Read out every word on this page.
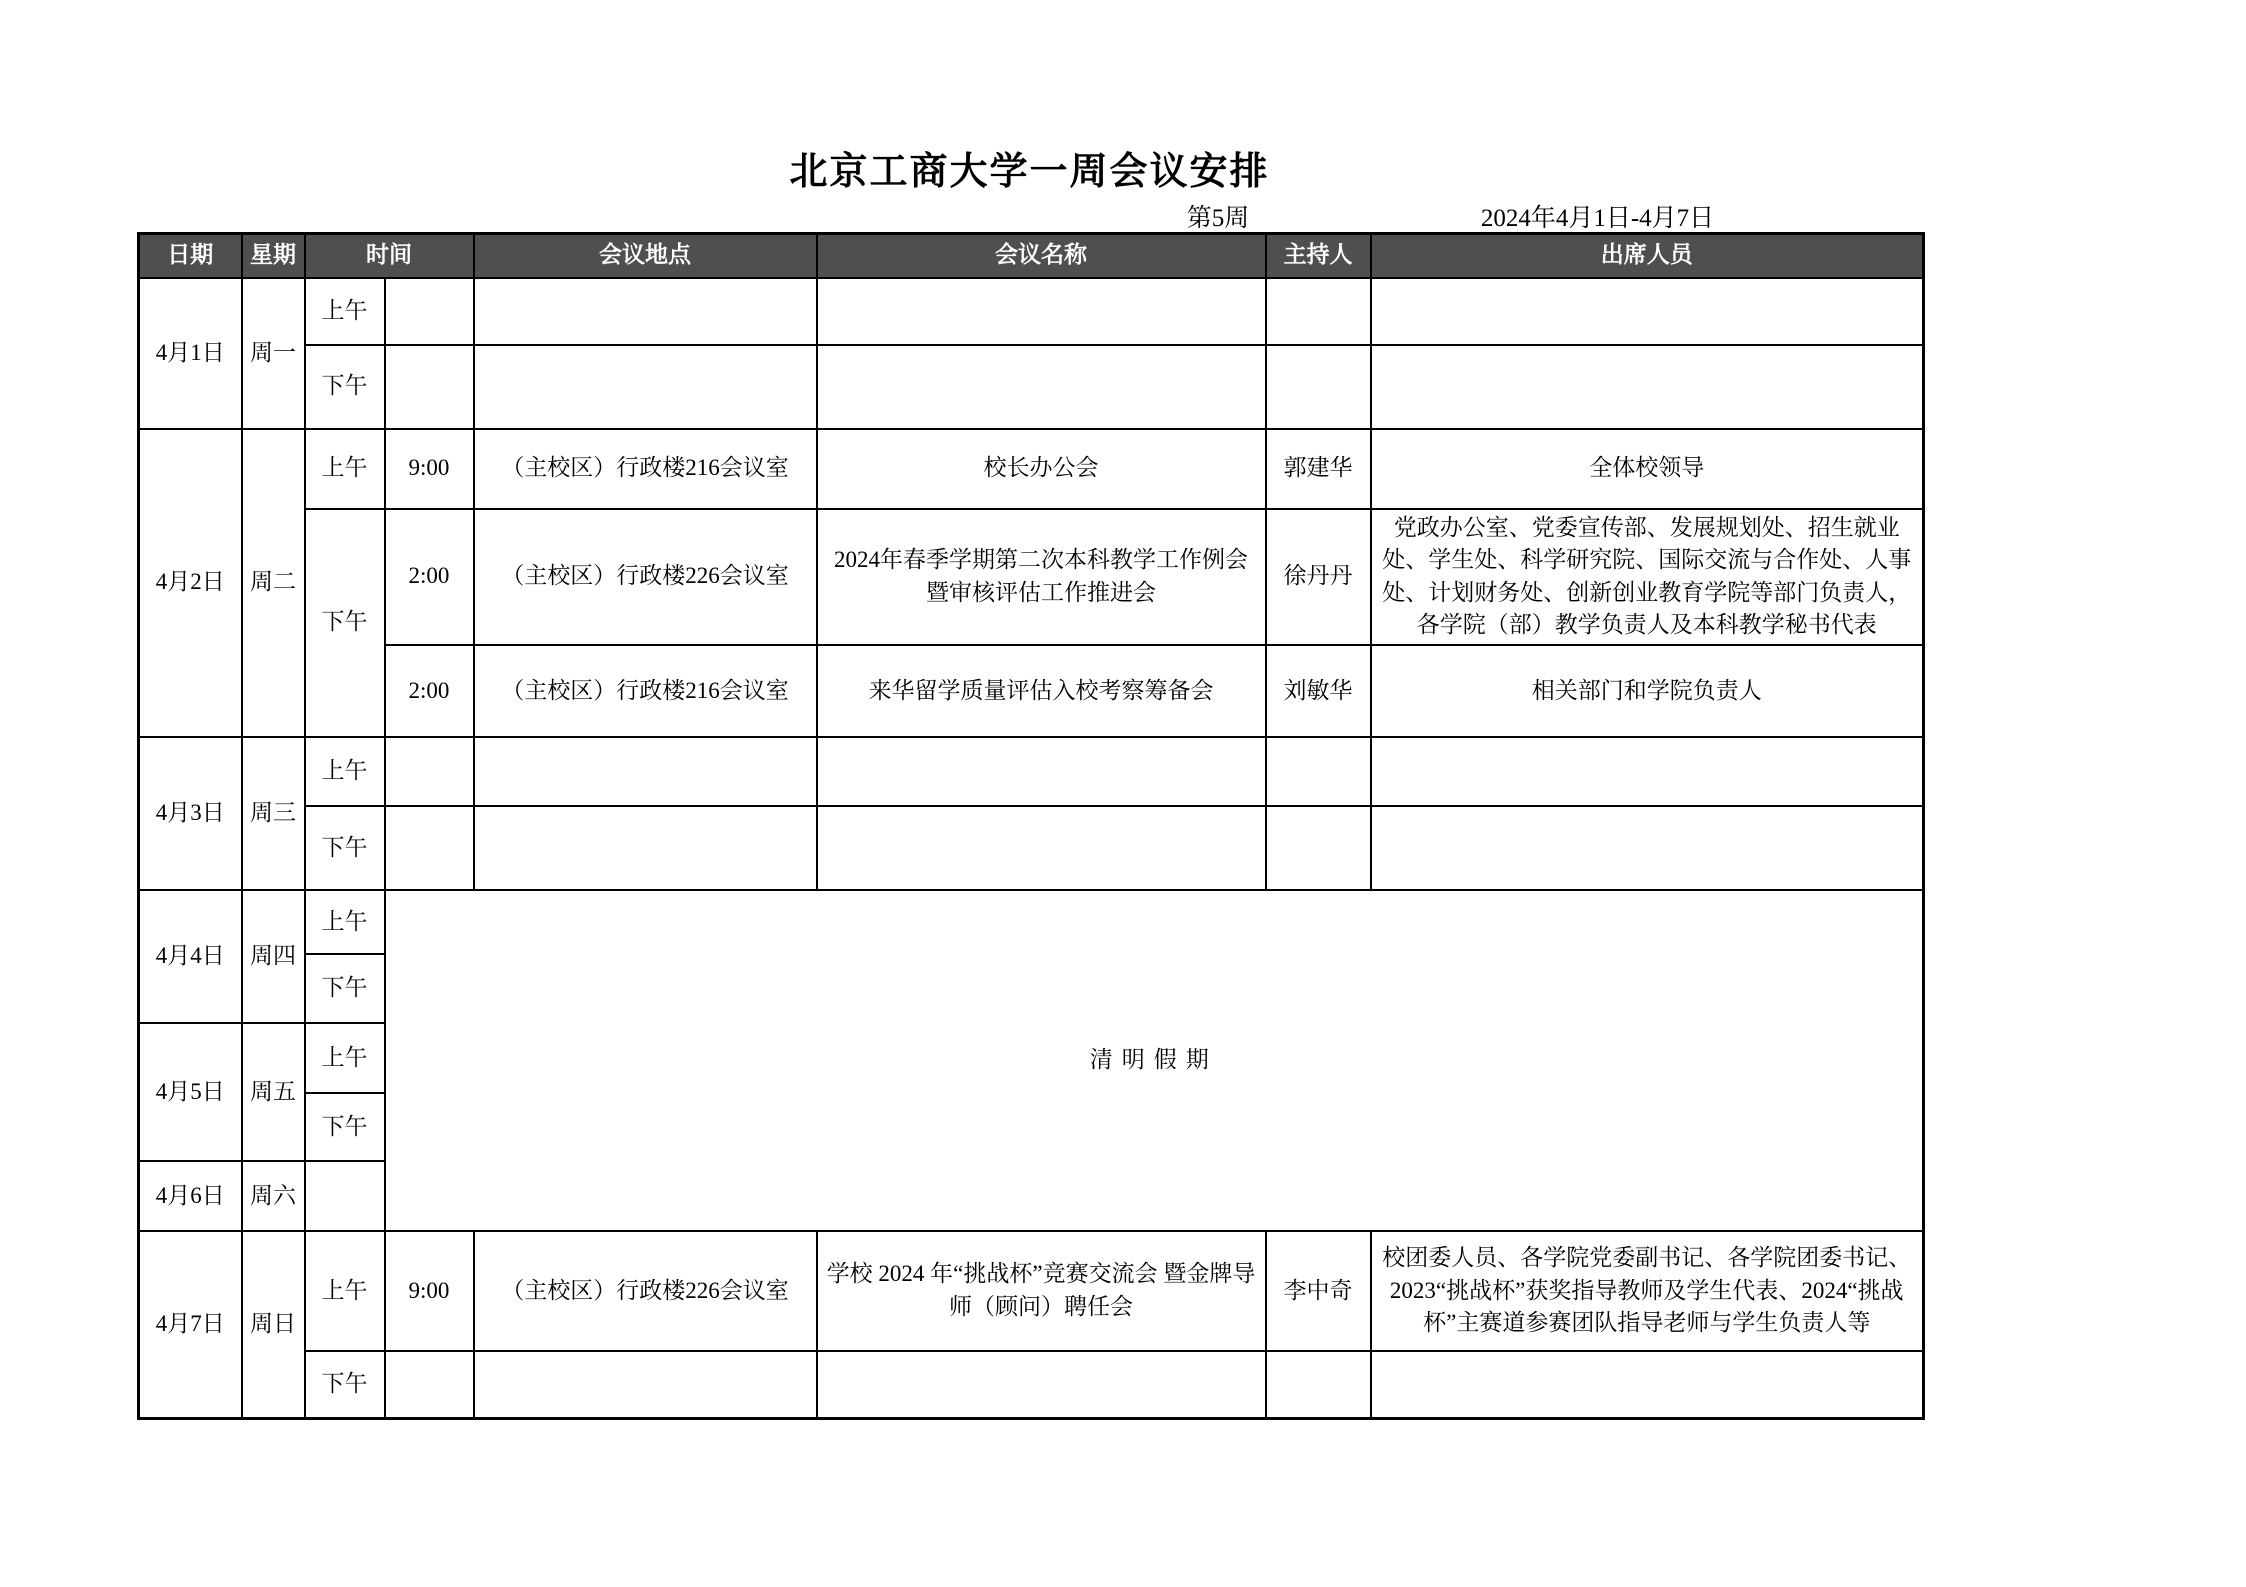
北京工商大学一周会议安排
第5周	2024年4月1日-4月7日
日期	星期	时间		会议地点	会议名称	主持人	出席人员
4月1日	周一	上午					
		下午					
4月2日	周二	上午	9:00	（主校区）行政楼216会议室	校长办公会	郭建华	全体校领导
		下午	2:00	（主校区）行政楼226会议室	2024年春季学期第二次本科教学工作例会暨审核评估工作推进会	徐丹丹	党政办公室、党委宣传部、发展规划处、招生就业处、学生处、科学研究院、国际交流与合作处、人事处、计划财务处、创新创业教育学院等部门负责人，各学院（部）教学负责人及本科教学秘书代表
			2:00	（主校区）行政楼216会议室	来华留学质量评估入校考察筹备会	刘敏华	相关部门和学院负责人
4月3日	周三	上午					
		下午					
4月4日	周四	上午	清明假期				
		下午					
4月5日	周五	上午					
		下午					
4月6日	周六						
4月7日	周日	上午	9:00	（主校区）行政楼226会议室	学校 2024 年“挑战杯”竞赛交流会 暨金牌导师（顾问）聘任会	李中奇	校团委人员、各学院党委副书记、各学院团委书记、2023“挑战杯”获奖指导教师及学生代表、2024“挑战杯”主赛道参赛团队指导老师与学生负责人等
		下午					
